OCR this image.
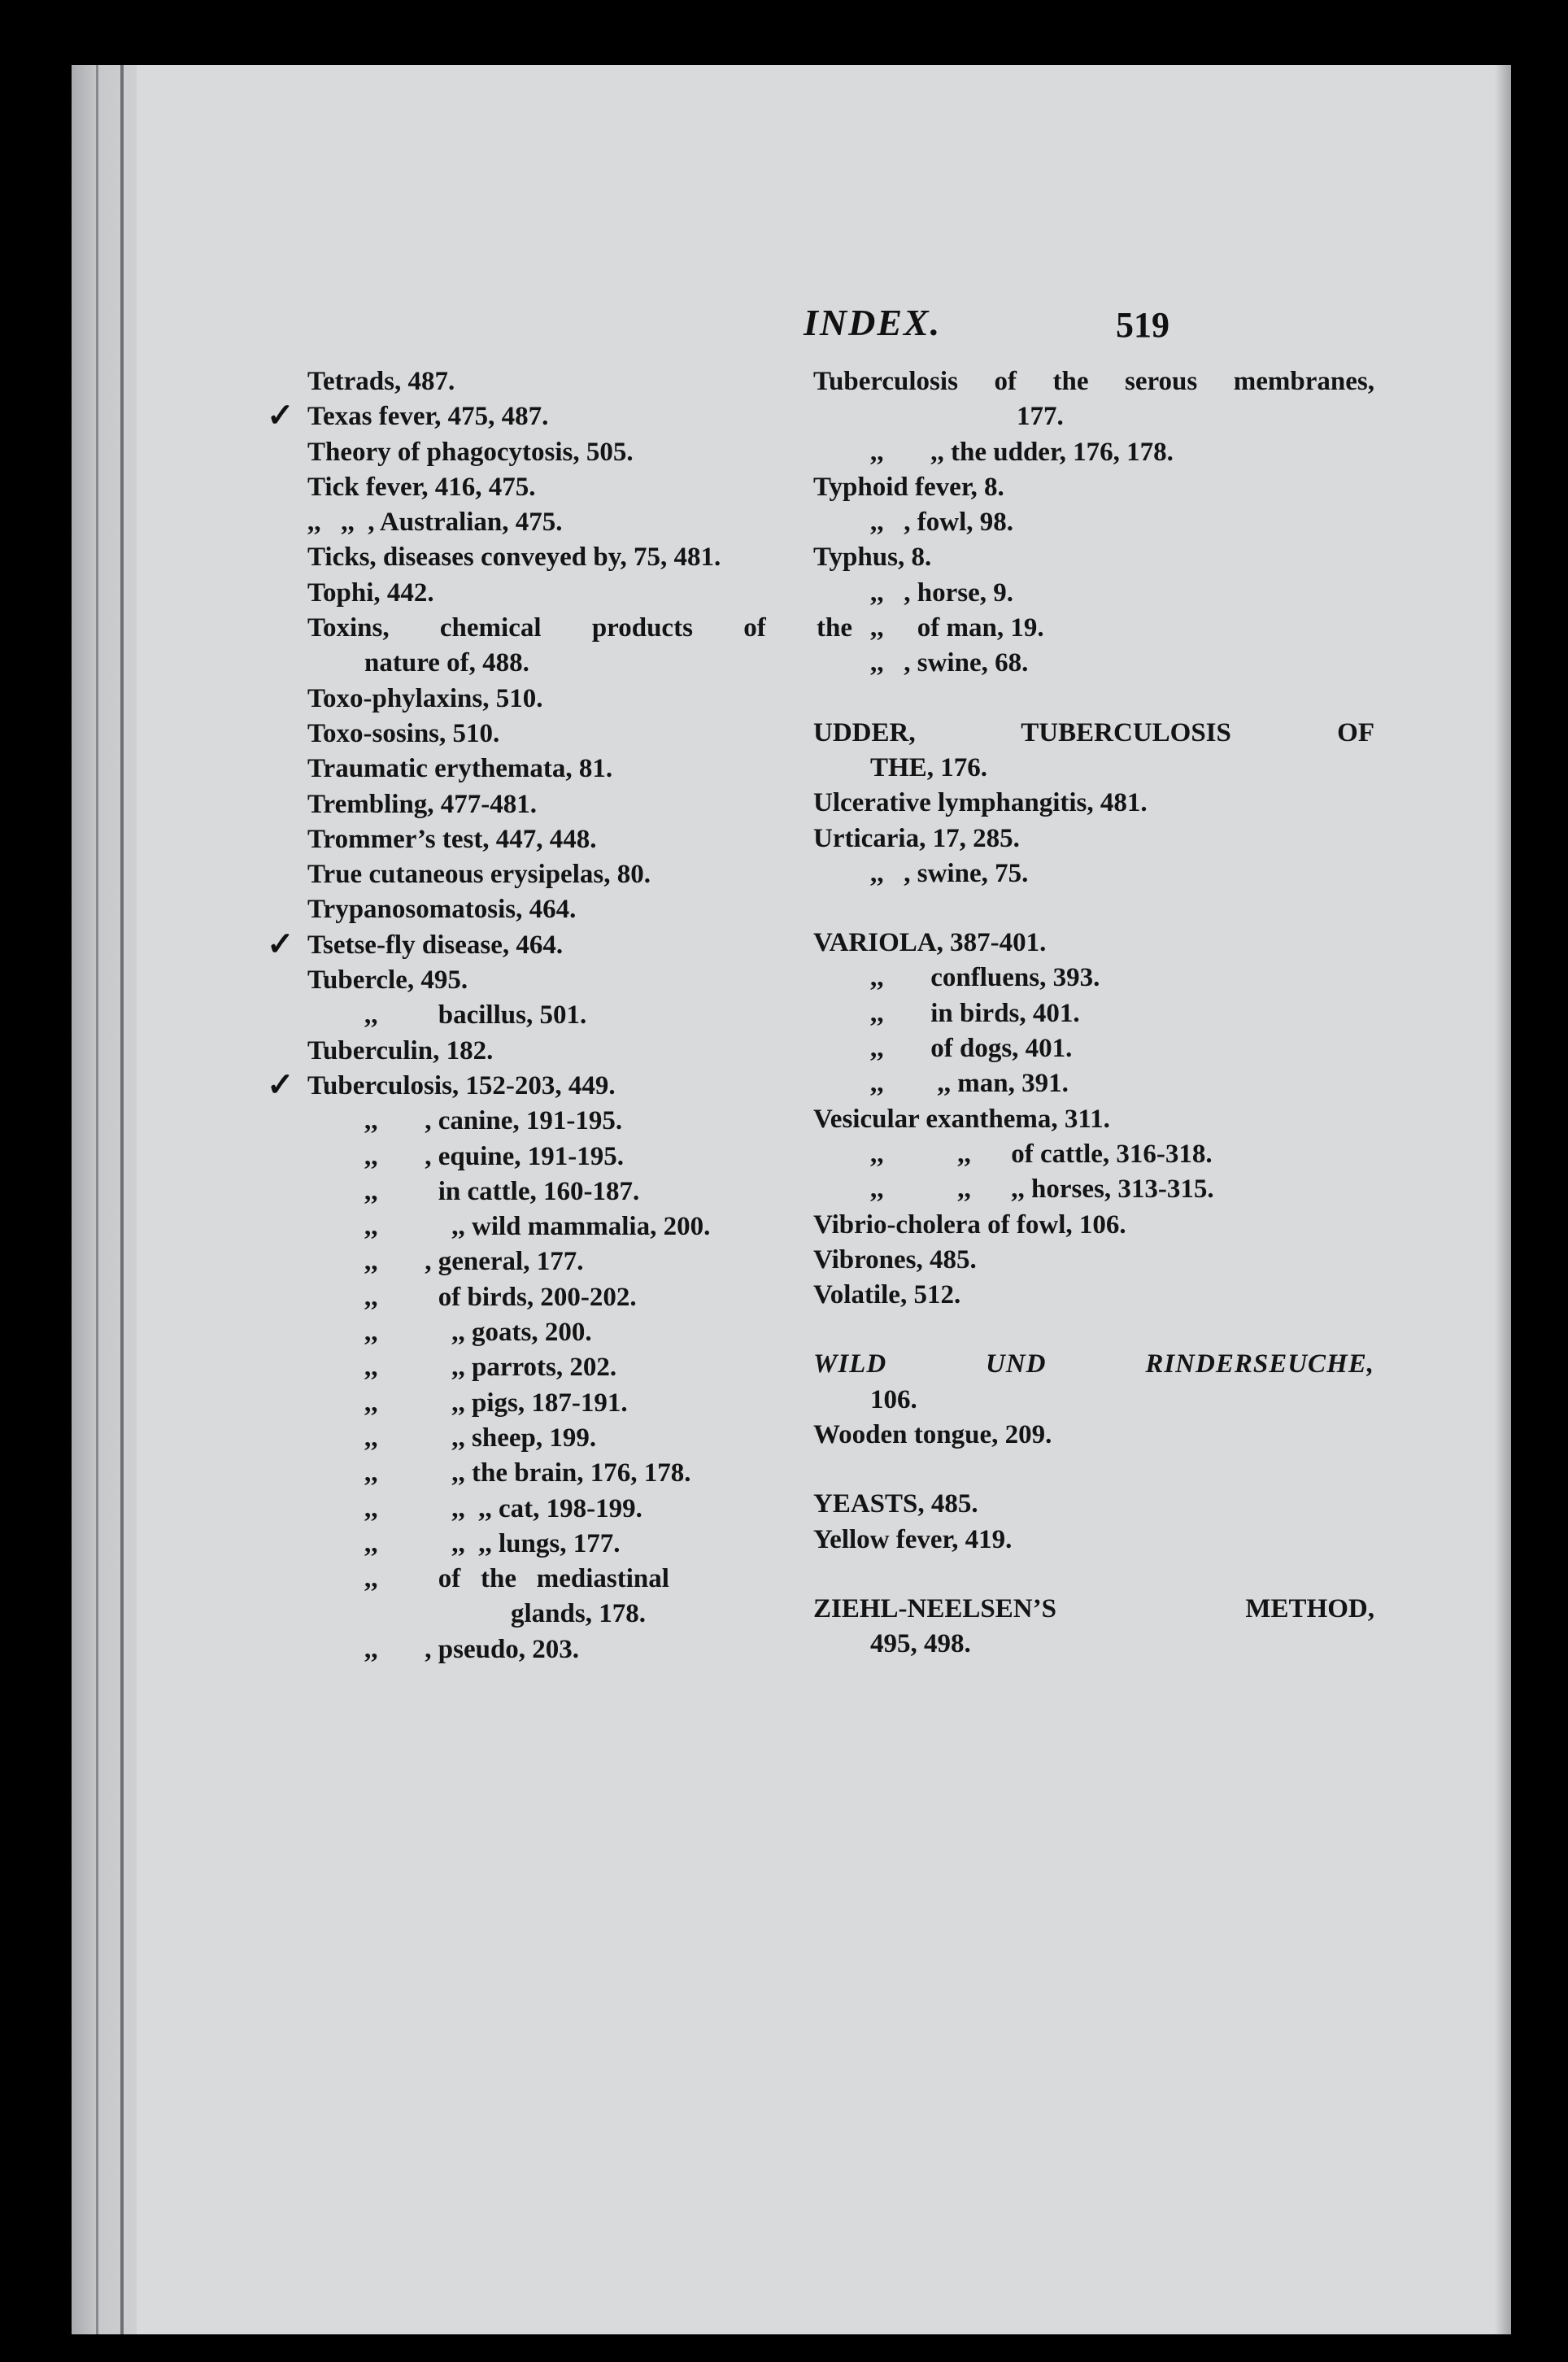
INDEX.	519
Tetrads, 487.
✓ Texas fever, 475, 487.
Theory of phagocytosis, 505.
Tick fever, 416, 475.
,,   ,,  , Australian, 475.
Ticks, diseases conveyed by, 75, 481.
Tophi, 442.
Toxins, chemical products of the
nature of, 488.
Toxo-phylaxins, 510.
Toxo-sosins, 510.
Traumatic erythemata, 81.
Trembling, 477-481.
Trommer’s test, 447, 448.
True cutaneous erysipelas, 80.
Trypanosomatosis, 464.
✓ Tsetse-fly disease, 464.
Tubercle, 495.
,,         bacillus, 501.
Tuberculin, 182.
✓ Tuberculosis, 152-203, 449.
,,       , canine, 191-195.
,,       , equine, 191-195.
,,         in cattle, 160-187.
,,           ,, wild mammalia, 200.
,,       , general, 177.
,,         of birds, 200-202.
,,           ,, goats, 200.
,,           ,, parrots, 202.
,,           ,, pigs, 187-191.
,,           ,, sheep, 199.
,,           ,, the brain, 176, 178.
,,           ,,  ,, cat, 198-199.
,,           ,,  ,, lungs, 177.
,,         of   the   mediastinal
glands, 178.
,,       , pseudo, 203.
Tuberculosis of the serous membranes,
177.
,,       ,, the udder, 176, 178.
Typhoid fever, 8.
,,   , fowl, 98.
Typhus, 8.
,,   , horse, 9.
,,     of man, 19.
,,   , swine, 68.
UDDER, TUBERCULOSIS OF
THE, 176.
Ulcerative lymphangitis, 481.
Urticaria, 17, 285.
,,   , swine, 75.
VARIOLA, 387-401.
,,       confluens, 393.
,,       in birds, 401.
,,       of dogs, 401.
,,        ,, man, 391.
Vesicular exanthema, 311.
,,           ,,      of cattle, 316-318.
,,           ,,      ,, horses, 313-315.
Vibrio-cholera of fowl, 106.
Vibrones, 485.
Volatile, 512.
WILD UND RINDERSEUCHE,
106.
Wooden tongue, 209.
YEASTS, 485.
Yellow fever, 419.
ZIEHL-NEELSEN’S METHOD,
495, 498.
